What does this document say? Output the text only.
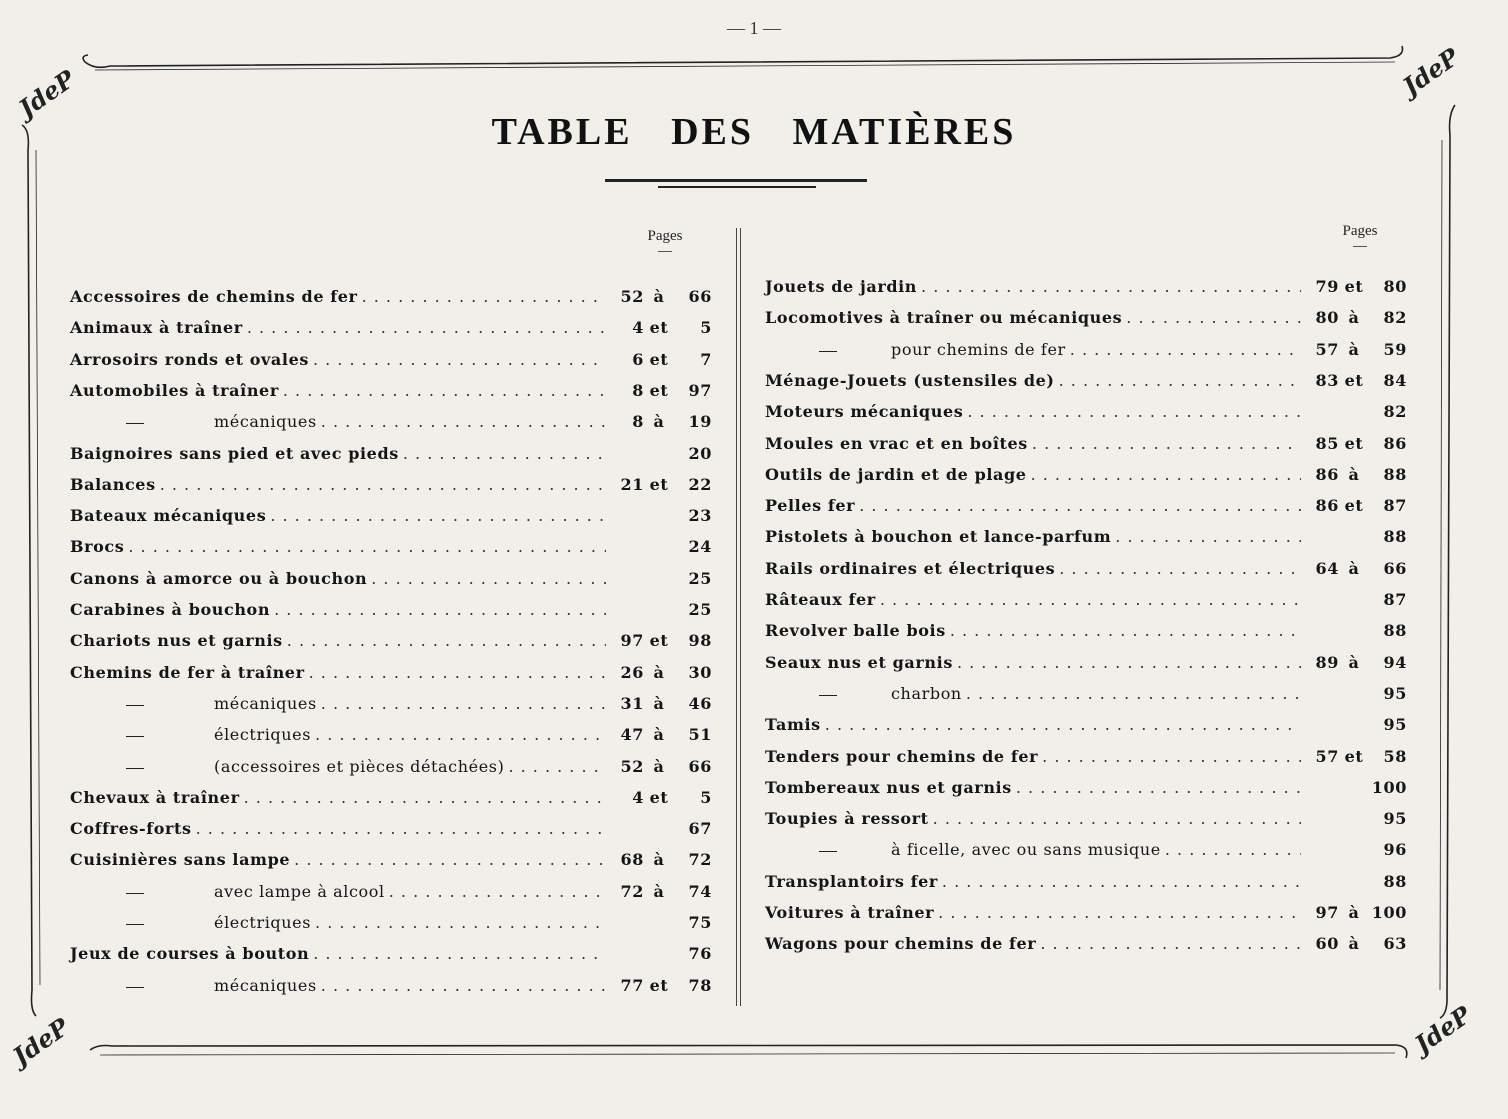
— 1 —
JdeP	JdeP
JdeP	JdeP
TABLE DES MATIÈRES
Pages	Pages
Accessoires de chemins de fer . . .	52 à	66
Animaux à traîner . . .	4 et	5
Arrosoirs ronds et ovales . . .	6 et	7
Automobiles à traîner . . .	8 et	97
mécaniques . . .	8 à	19
Baignoires sans pied et avec pieds . . .	20
Balances . . .	21 et	22
Bateaux mécaniques . . .	23
Brocs . . .	24
Canons à amorce ou à bouchon . . .	25
Carabines à bouchon . . .	25
Chariots nus et garnis . . .	97 et	98
Chemins de fer à traîner . . .	26 à	30
mécaniques . . .	31 à	46
électriques . . .	47 à	51
(accessoires et pièces détachées) . . .	52 à	66
Chevaux à traîner . . .	4 et	5
Coffres-forts . . .	67
Cuisinières sans lampe . . .	68 à	72
avec lampe à alcool . . .	72 à	74
électriques . . .	75
Jeux de courses à bouton . . .	76
mécaniques . . .	77 et	78
Jouets de jardin . . .	79 et	80
Locomotives à traîner ou mécaniques . . .	80 à	82
pour chemins de fer . . .	57 à	59
Ménage-Jouets (ustensiles de) . . .	83 et	84
Moteurs mécaniques . . .	82
Moules en vrac et en boîtes . . .	85 et	86
Outils de jardin et de plage . . .	86 à	88
Pelles fer . . .	86 et	87
Pistolets à bouchon et lance-parfum . . .	88
Rails ordinaires et électriques . . .	64 à	66
Râteaux fer . . .	87
Revolver balle bois . . .	88
Seaux nus et garnis . . .	89 à	94
charbon . . .	95
Tamis . . .	95
Tenders pour chemins de fer . . .	57 et	58
Tombereaux nus et garnis . . .	100
Toupies à ressort . . .	95
à ficelle, avec ou sans musique . . .	96
Transplantoirs fer . . .	88
Voitures à traîner . . .	97 à 100
Wagons pour chemins de fer . . .	60 à	63
